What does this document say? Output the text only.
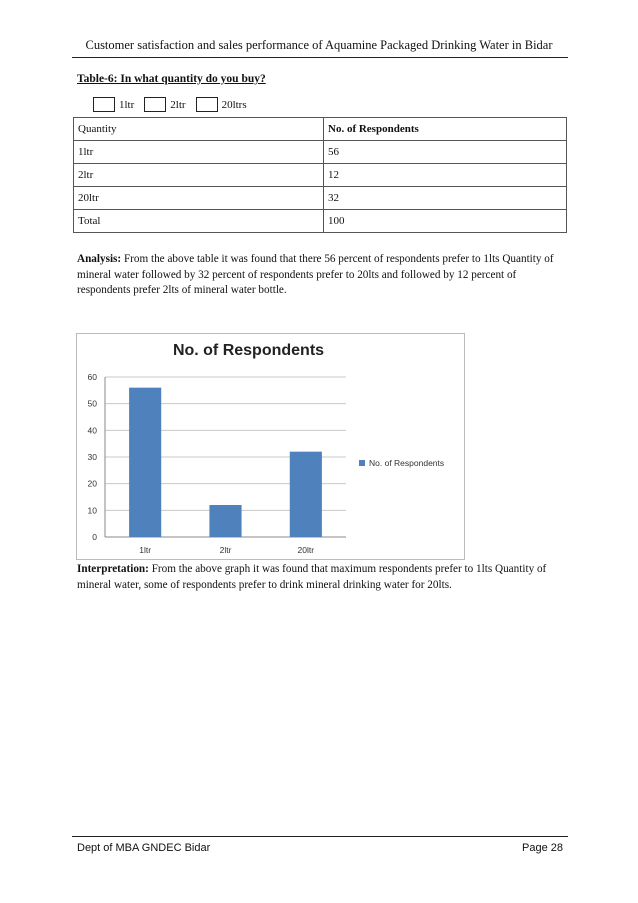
Customer satisfaction and sales performance of Aquamine Packaged Drinking Water in Bidar
Table-6: In what quantity do you buy?
1ltr	2ltr	20ltrs
Quantity	No. of Respondents
1ltr	56
2ltr	12
20ltr	32
Total	100
Analysis: From the above table it was found that there 56 percent of respondents prefer to 1lts Quantity of mineral water followed by 32 percent of respondents prefer to 20lts and followed by 12 percent of respondents prefer 2lts of mineral water bottle.
0
10
20
30
40
50
60
1ltr	2ltr	20ltr
No. of Respondents
No. of Respondents
Interpretation: From the above graph it was found that maximum respondents prefer to 1lts Quantity of mineral water, some of respondents prefer to drink mineral drinking water for 20lts.
Dept of MBA GNDEC Bidar	Page 28
